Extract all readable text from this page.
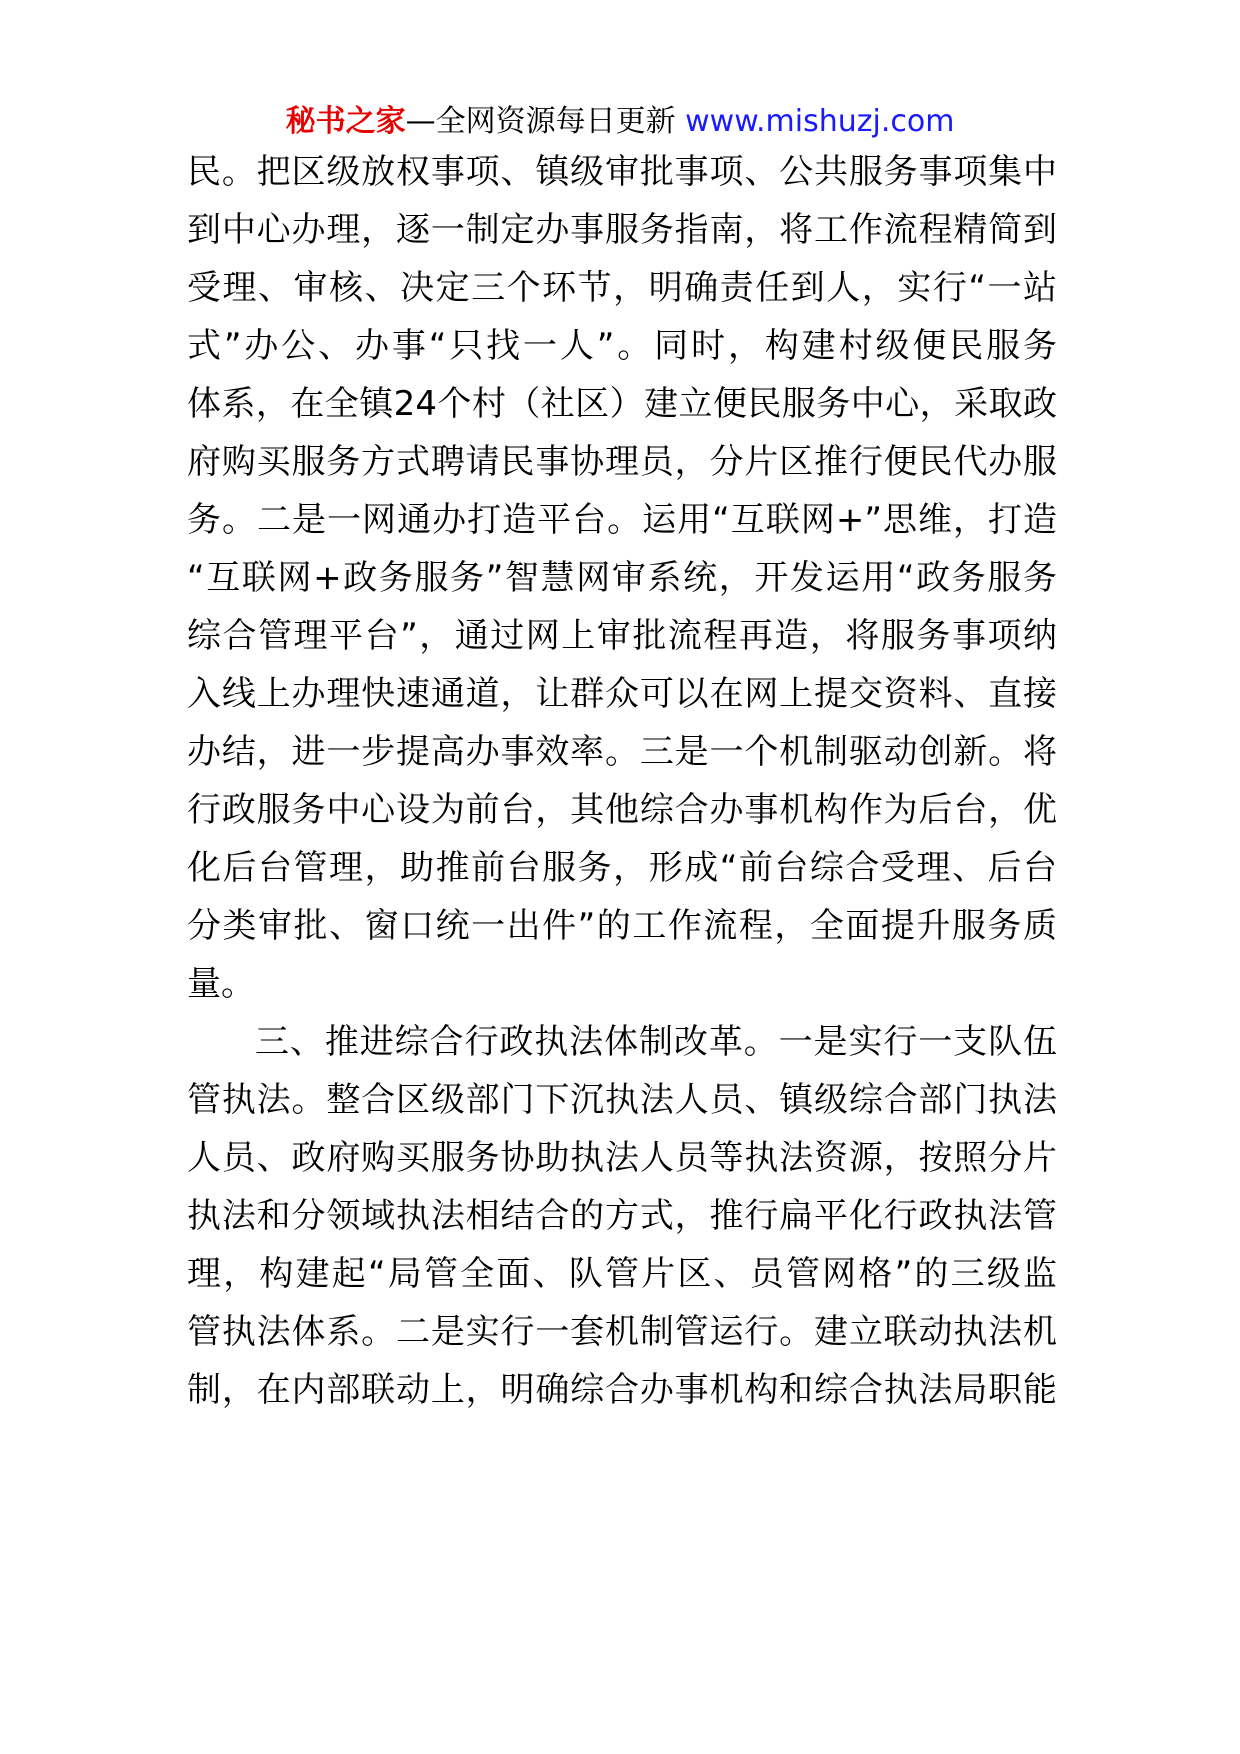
秘书之家—全网资源每日更新 www.mishuzj.com
民。把区级放权事项、镇级审批事项、公共服务事项集中
到中心办理，逐一制定办事服务指南，将工作流程精简到
受理、审核、决定三个环节，明确责任到人，实行“一站
式”办公、办事“只找一人”。同时，构建村级便民服务
体系，在全镇24个村（社区）建立便民服务中心，采取政
府购买服务方式聘请民事协理员，分片区推行便民代办服
务。二是一网通办打造平台。运用“互联网+”思维，打造
“互联网+政务服务”智慧网审系统，开发运用“政务服务
综合管理平台”，通过网上审批流程再造，将服务事项纳
入线上办理快速通道，让群众可以在网上提交资料、直接
办结，进一步提高办事效率。三是一个机制驱动创新。将
行政服务中心设为前台，其他综合办事机构作为后台，优
化后台管理，助推前台服务，形成“前台综合受理、后台
分类审批、窗口统一出件”的工作流程，全面提升服务质
量。
三、推进综合行政执法体制改革。一是实行一支队伍
管执法。整合区级部门下沉执法人员、镇级综合部门执法
人员、政府购买服务协助执法人员等执法资源，按照分片
执法和分领域执法相结合的方式，推行扁平化行政执法管
理，构建起“局管全面、队管片区、员管网格”的三级监
管执法体系。二是实行一套机制管运行。建立联动执法机
制，在内部联动上，明确综合办事机构和综合执法局职能
